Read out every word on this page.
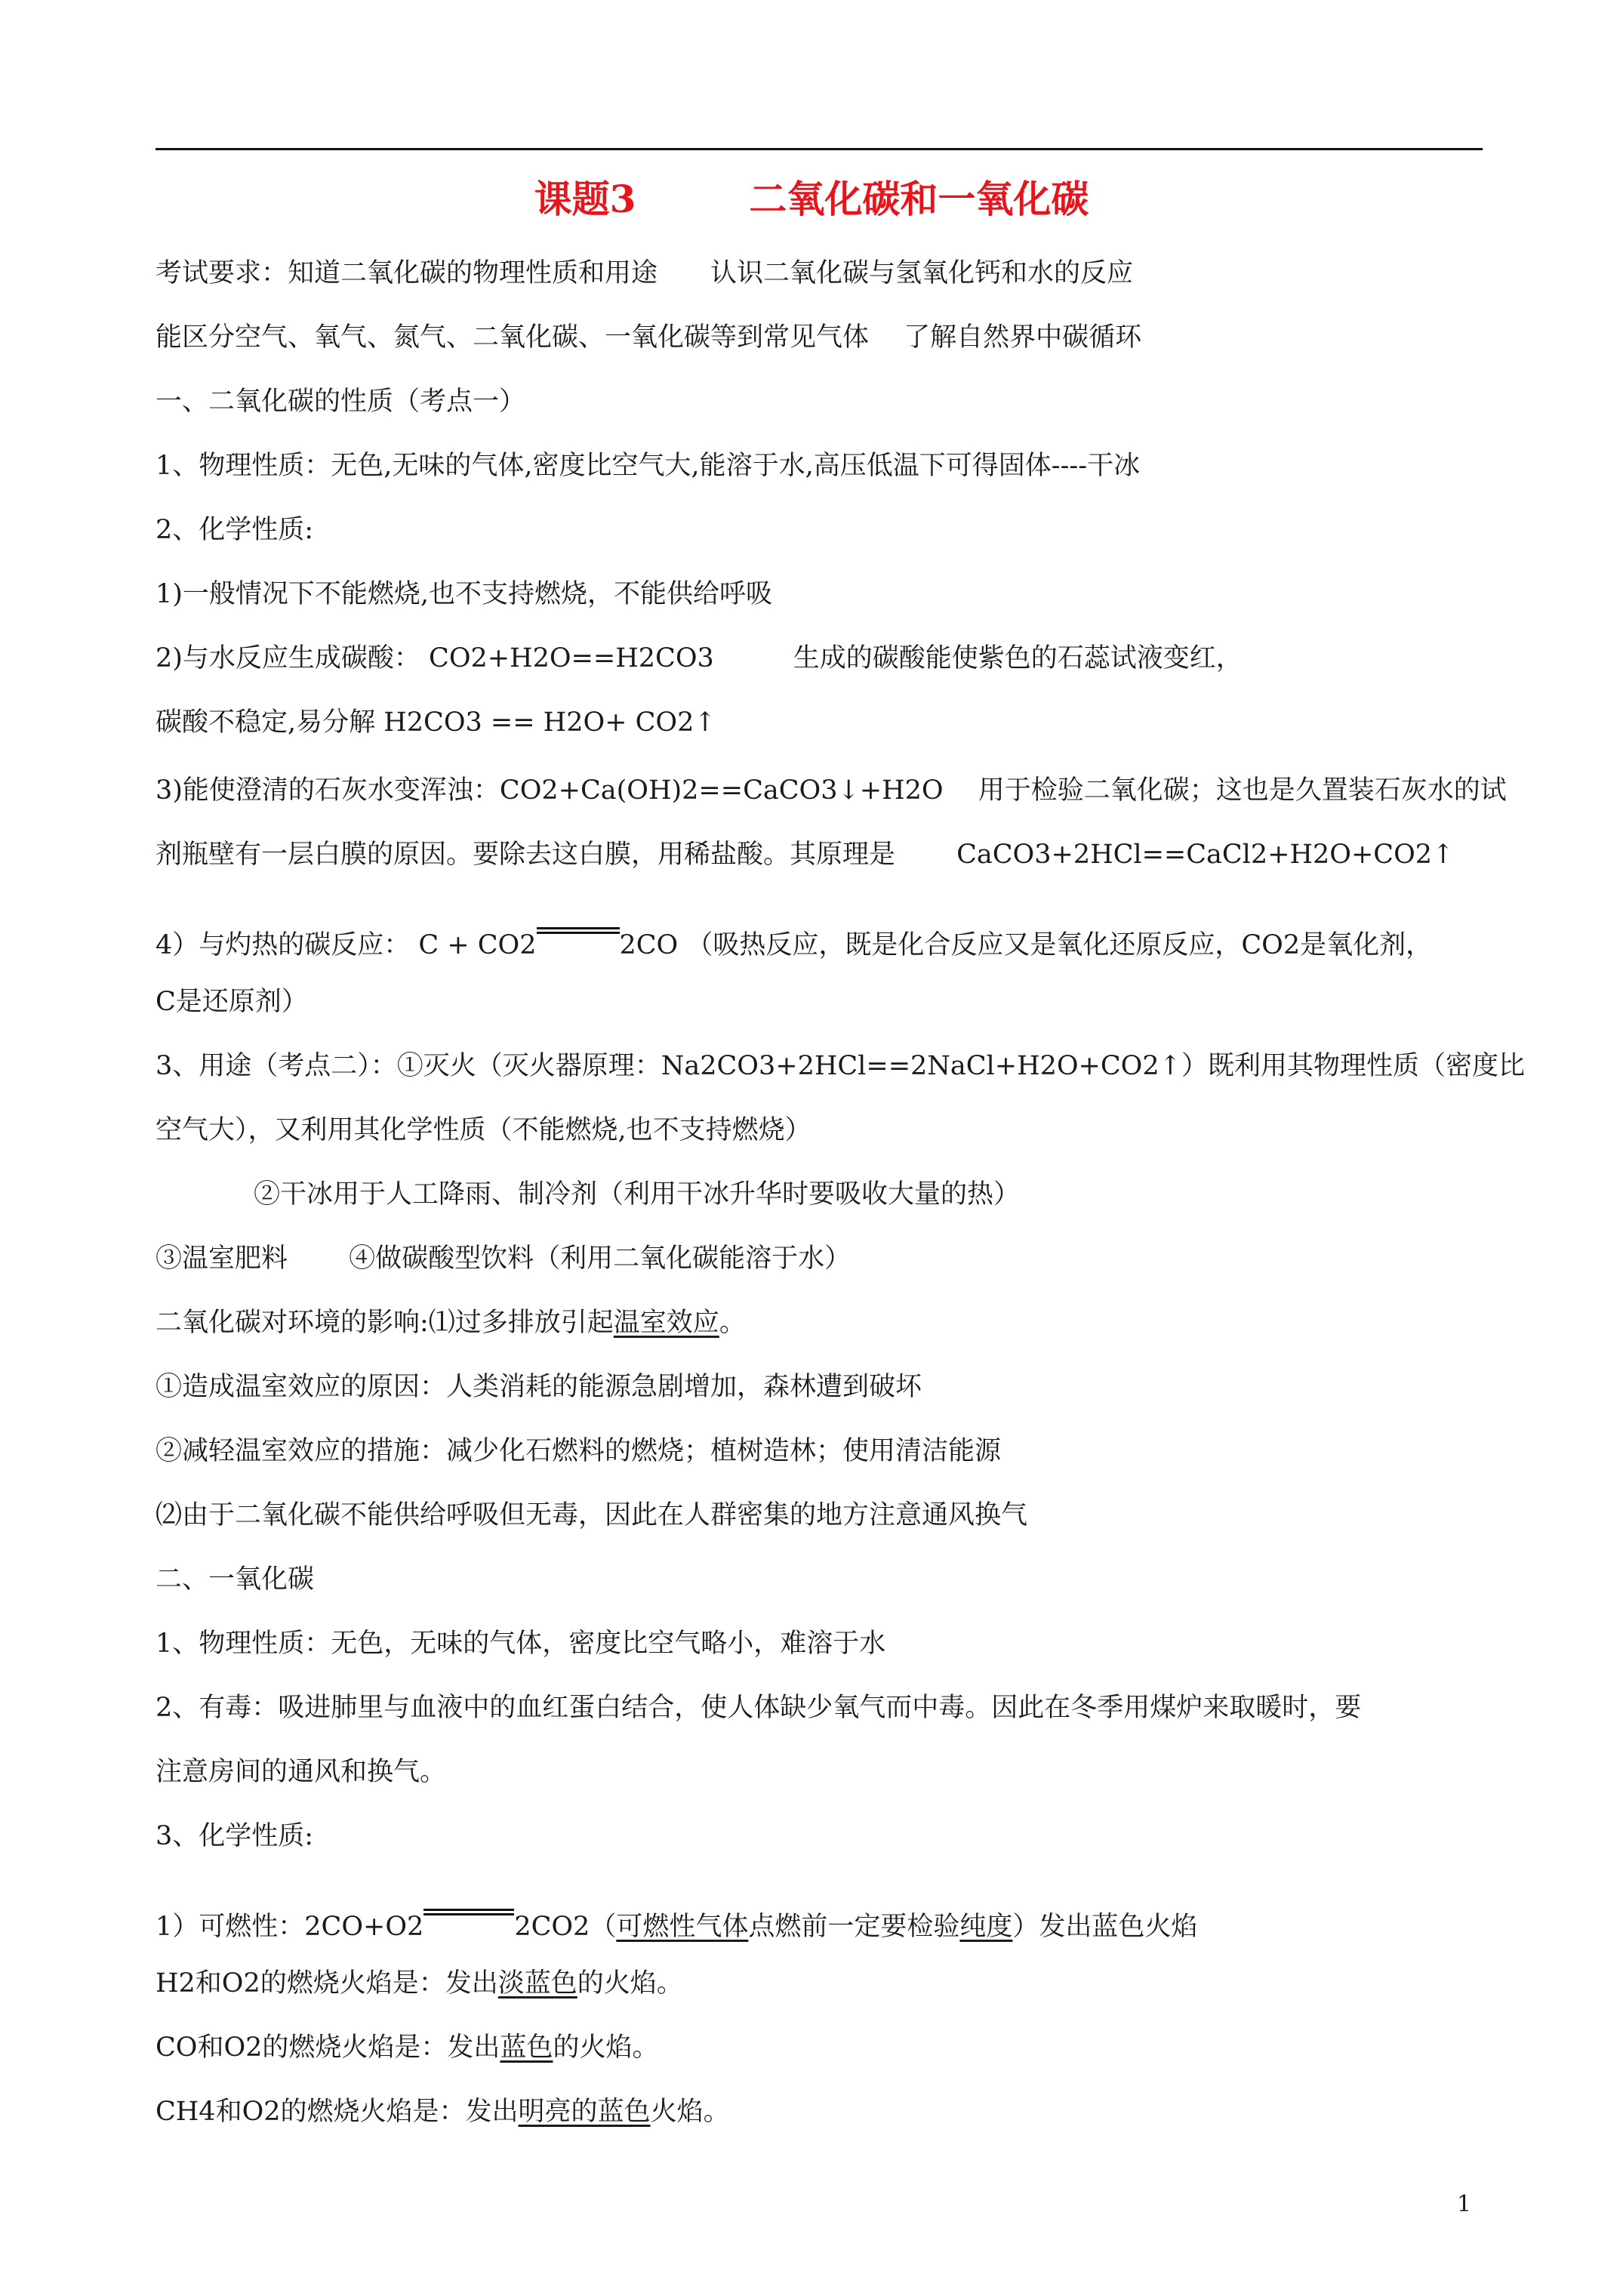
课题3	二氧化碳和一氧化碳
考试要求：知道二氧化碳的物理性质和用途　　认识二氧化碳与氢氧化钙和水的反应
能区分空气、氧气、氮气、二氧化碳、一氧化碳等到常见气体　 了解自然界中碳循环
一、二氧化碳的性质（考点一）
1、物理性质：无色,无味的气体,密度比空气大,能溶于水,高压低温下可得固体----干冰
2、化学性质:
1)一般情况下不能燃烧,也不支持燃烧，不能供给呼吸
2)与水反应生成碳酸： CO2+H2O==H2CO3　　　生成的碳酸能使紫色的石蕊试液变红，
碳酸不稳定,易分解 H2CO3 == H2O+ CO2↑
3)能使澄清的石灰水变浑浊：CO2+Ca(OH)2==CaCO3↓+H2O　 用于检验二氧化碳；这也是久置装石灰水的试
剂瓶壁有一层白膜的原因。要除去这白膜，用稀盐酸。其原理是　　 CaCO3+2HCl==CaCl2+H2O+CO2↑
4）与灼热的碳反应： C + CO2	2CO （吸热反应，既是化合反应又是氧化还原反应，CO2是氧化剂，
C是还原剂）
3、用途（考点二）：①灭火（灭火器原理：Na2CO3+2HCl==2NaCl+H2O+CO2↑）既利用其物理性质（密度比
空气大），又利用其化学性质（不能燃烧,也不支持燃烧）
②干冰用于人工降雨、制冷剂（利用干冰升华时要吸收大量的热）
③温室肥料　　 ④做碳酸型饮料（利用二氧化碳能溶于水）
二氧化碳对环境的影响:⑴过多排放引起温室效应。
①造成温室效应的原因：人类消耗的能源急剧增加，森林遭到破坏
②减轻温室效应的措施：减少化石燃料的燃烧；植树造林；使用清洁能源
⑵由于二氧化碳不能供给呼吸但无毒，因此在人群密集的地方注意通风换气
二、一氧化碳
1、物理性质：无色，无味的气体，密度比空气略小，难溶于水
2、有毒：吸进肺里与血液中的血红蛋白结合，使人体缺少氧气而中毒。因此在冬季用煤炉来取暖时，要
注意房间的通风和换气。
3、化学性质:
1）可燃性：2CO+O2	2CO2（可燃性气体点燃前一定要检验纯度）发出蓝色火焰
H2和O2的燃烧火焰是：发出淡蓝色的火焰。
CO和O2的燃烧火焰是：发出蓝色的火焰。
CH4和O2的燃烧火焰是：发出明亮的蓝色火焰。
1
